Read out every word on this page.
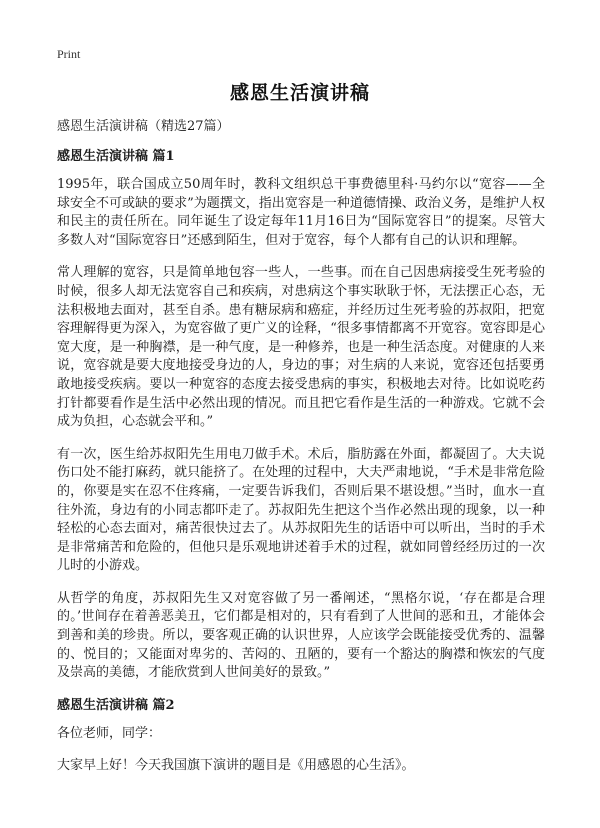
Print
感恩生活演讲稿

感恩生活演讲稿（精选27篇）

感恩生活演讲稿 篇1

1995年，联合国成立50周年时，教科文组织总干事费德里科·马约尔以“宽容——全球安全不可或缺的要求”为题撰文，指出宽容是一种道德情操、政治义务，是维护人权和民主的责任所在。同年诞生了设定每年11月16日为“国际宽容日”的提案。尽管大多数人对“国际宽容日”还感到陌生，但对于宽容，每个人都有自己的认识和理解。

常人理解的宽容，只是简单地包容一些人，一些事。而在自己因患病接受生死考验的时候，很多人却无法宽容自己和疾病，对患病这个事实耿耿于怀，无法摆正心态，无法积极地去面对，甚至自杀。患有糖尿病和癌症，并经历过生死考验的苏叔阳，把宽容理解得更为深入，为宽容做了更广义的诠释，“很多事情都离不开宽容。宽容即是心宽大度，是一种胸襟，是一种气度，是一种修养，也是一种生活态度。对健康的人来说，宽容就是要大度地接受身边的人，身边的事；对生病的人来说，宽容还包括要勇敢地接受疾病。要以一种宽容的态度去接受患病的事实，积极地去对待。比如说吃药打针都要看作是生活中必然出现的情况。而且把它看作是生活的一种游戏。它就不会成为负担，心态就会平和。”

有一次，医生给苏叔阳先生用电刀做手术。术后，脂肪露在外面，都凝固了。大夫说伤口处不能打麻药，就只能挤了。在处理的过程中，大夫严肃地说，“手术是非常危险的，你要是实在忍不住疼痛，一定要告诉我们，否则后果不堪设想。”当时，血水一直往外流，身边有的小同志都吓走了。苏叔阳先生把这个当作必然出现的现象，以一种轻松的心态去面对，痛苦很快过去了。从苏叔阳先生的话语中可以听出，当时的手术是非常痛苦和危险的，但他只是乐观地讲述着手术的过程，就如同曾经经历过的一次儿时的小游戏。

从哲学的角度，苏叔阳先生又对宽容做了另一番阐述，“黑格尔说，‘存在都是合理的。’世间存在着善恶美丑，它们都是相对的，只有看到了人世间的恶和丑，才能体会到善和美的珍贵。所以，要客观正确的认识世界，人应该学会既能接受优秀的、温馨的、悦目的；又能面对卑劣的、苦闷的、丑陋的，要有一个豁达的胸襟和恢宏的气度及崇高的美德，才能欣赏到人世间美好的景致。”

感恩生活演讲稿 篇2

各位老师，同学：

大家早上好！今天我国旗下演讲的题目是《用感恩的心生活》。
